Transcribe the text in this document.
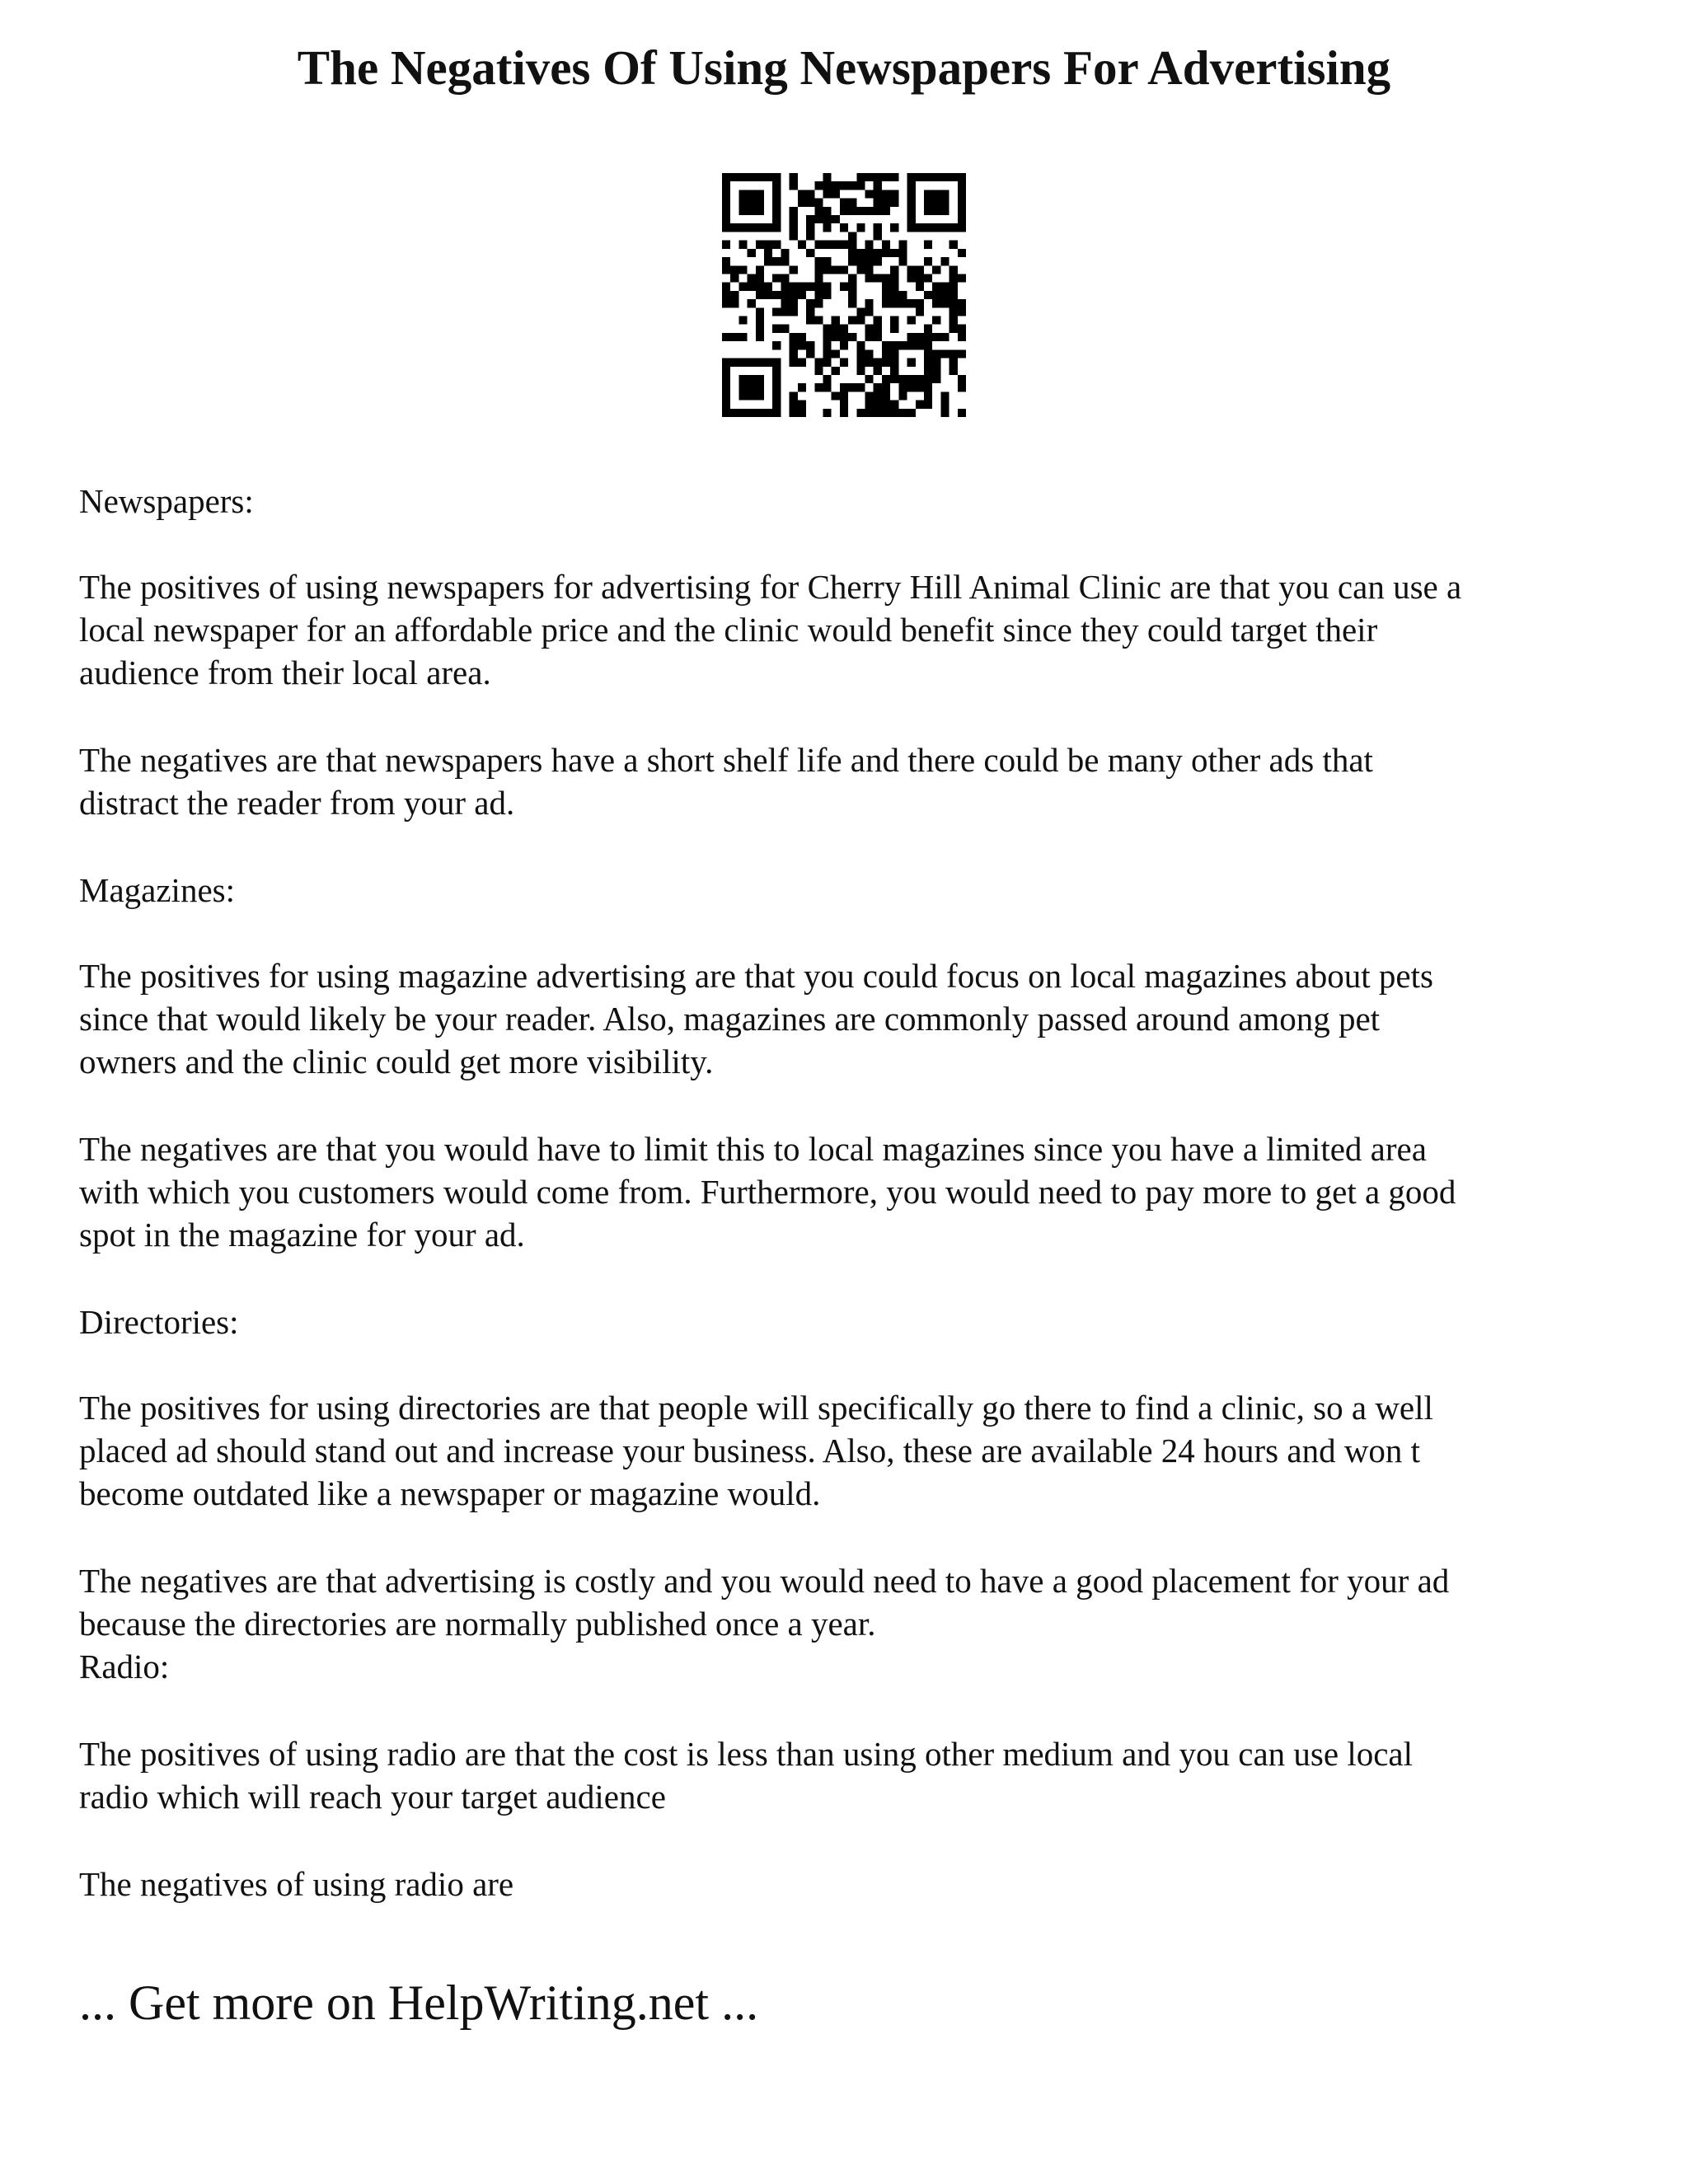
The Negatives Of Using Newspapers For Advertising

Newspapers:

The positives of using newspapers for advertising for Cherry Hill Animal Clinic are that you can use a
local newspaper for an affordable price and the clinic would benefit since they could target their
audience from their local area.

The negatives are that newspapers have a short shelf life and there could be many other ads that
distract the reader from your ad.

Magazines:

The positives for using magazine advertising are that you could focus on local magazines about pets
since that would likely be your reader. Also, magazines are commonly passed around among pet
owners and the clinic could get more visibility.

The negatives are that you would have to limit this to local magazines since you have a limited area
with which you customers would come from. Furthermore, you would need to pay more to get a good
spot in the magazine for your ad.

Directories:

The positives for using directories are that people will specifically go there to find a clinic, so a well
placed ad should stand out and increase your business. Also, these are available 24 hours and won t
become outdated like a newspaper or magazine would.

The negatives are that advertising is costly and you would need to have a good placement for your ad
because the directories are normally published once a year.
Radio:

The positives of using radio are that the cost is less than using other medium and you can use local
radio which will reach your target audience

The negatives of using radio are

... Get more on HelpWriting.net ...
